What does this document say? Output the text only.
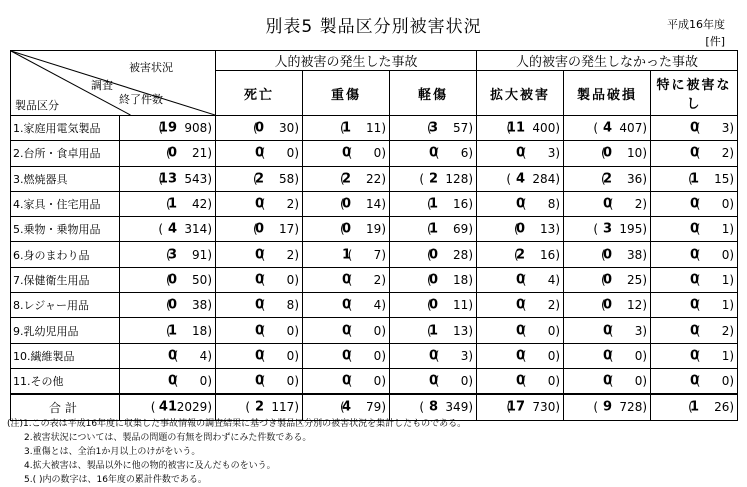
別表5 製品区分別被害状況	平成16年度
[件]
被害状況
調査
終了件数
製品区分		人的被害の発生した事故			人的被害の発生しなかった事故		
		死亡	重傷	軽傷	拡大被害	製品破損	特に被害なし
1.家庭用電気製品	19 ( 908 )	0 ( 30 )	1 ( 11 )	3 ( 57 )	11 ( 400 )	4 ( 407 )	0 ( 3 )

2.台所・食卓用品	0 ( 21 )	0 ( 0 )	0 ( 0 )	0 ( 6 )	0 ( 3 )	0 ( 10 )	0 ( 2 )

3.燃焼器具	13 ( 543 )	2 ( 58 )	2 ( 22 )	2 ( 128 )	4 ( 284 )	2 ( 36 )	1 ( 15 )

4.家具・住宅用品	1 ( 42 )	0 ( 2 )	0 ( 14 )	1 ( 16 )	0 ( 8 )	0 ( 2 )	0 ( 0 )

5.乗物・乗物用品	4 ( 314 )	0 ( 17 )	0 ( 19 )	1 ( 69 )	0 ( 13 )	3 ( 195 )	0 ( 1 )

6.身のまわり品	3 ( 91 )	0 ( 2 )	1 ( 7 )	0 ( 28 )	2 ( 16 )	0 ( 38 )	0 ( 0 )

7.保健衛生用品	0 ( 50 )	0 ( 0 )	0 ( 2 )	0 ( 18 )	0 ( 4 )	0 ( 25 )	0 ( 1 )

8.レジャー用品	0 ( 38 )	0 ( 8 )	0 ( 4 )	0 ( 11 )	0 ( 2 )	0 ( 12 )	0 ( 1 )

9.乳幼児用品	1 ( 18 )	0 ( 0 )	0 ( 0 )	1 ( 13 )	0 ( 0 )	0 ( 3 )	0 ( 2 )

10.繊維製品	0 ( 4 )	0 ( 0 )	0 ( 0 )	0 ( 3 )	0 ( 0 )	0 ( 0 )	0 ( 1 )

11.その他	0 ( 0 )	0 ( 0 )	0 ( 0 )	0 ( 0 )	0 ( 0 )	0 ( 0 )	0 ( 0 )

合計	41 ( 2029 )	2 ( 117 )	4 ( 79 )	8 ( 349 )	17 ( 730 )	9 ( 728 )	1 ( 26 )
(注)1.この表は平成16年度に収集した事故情報の調査結果に基づき製品区分別の被害状況を集計したものである。
2.被害状況については、製品の問題の有無を問わずにみた件数である。
3.重傷とは、全治1か月以上のけがをいう。
4.拡大被害は、製品以外に他の物的被害に及んだものをいう。
5.( )内の数字は、16年度の累計件数である。
